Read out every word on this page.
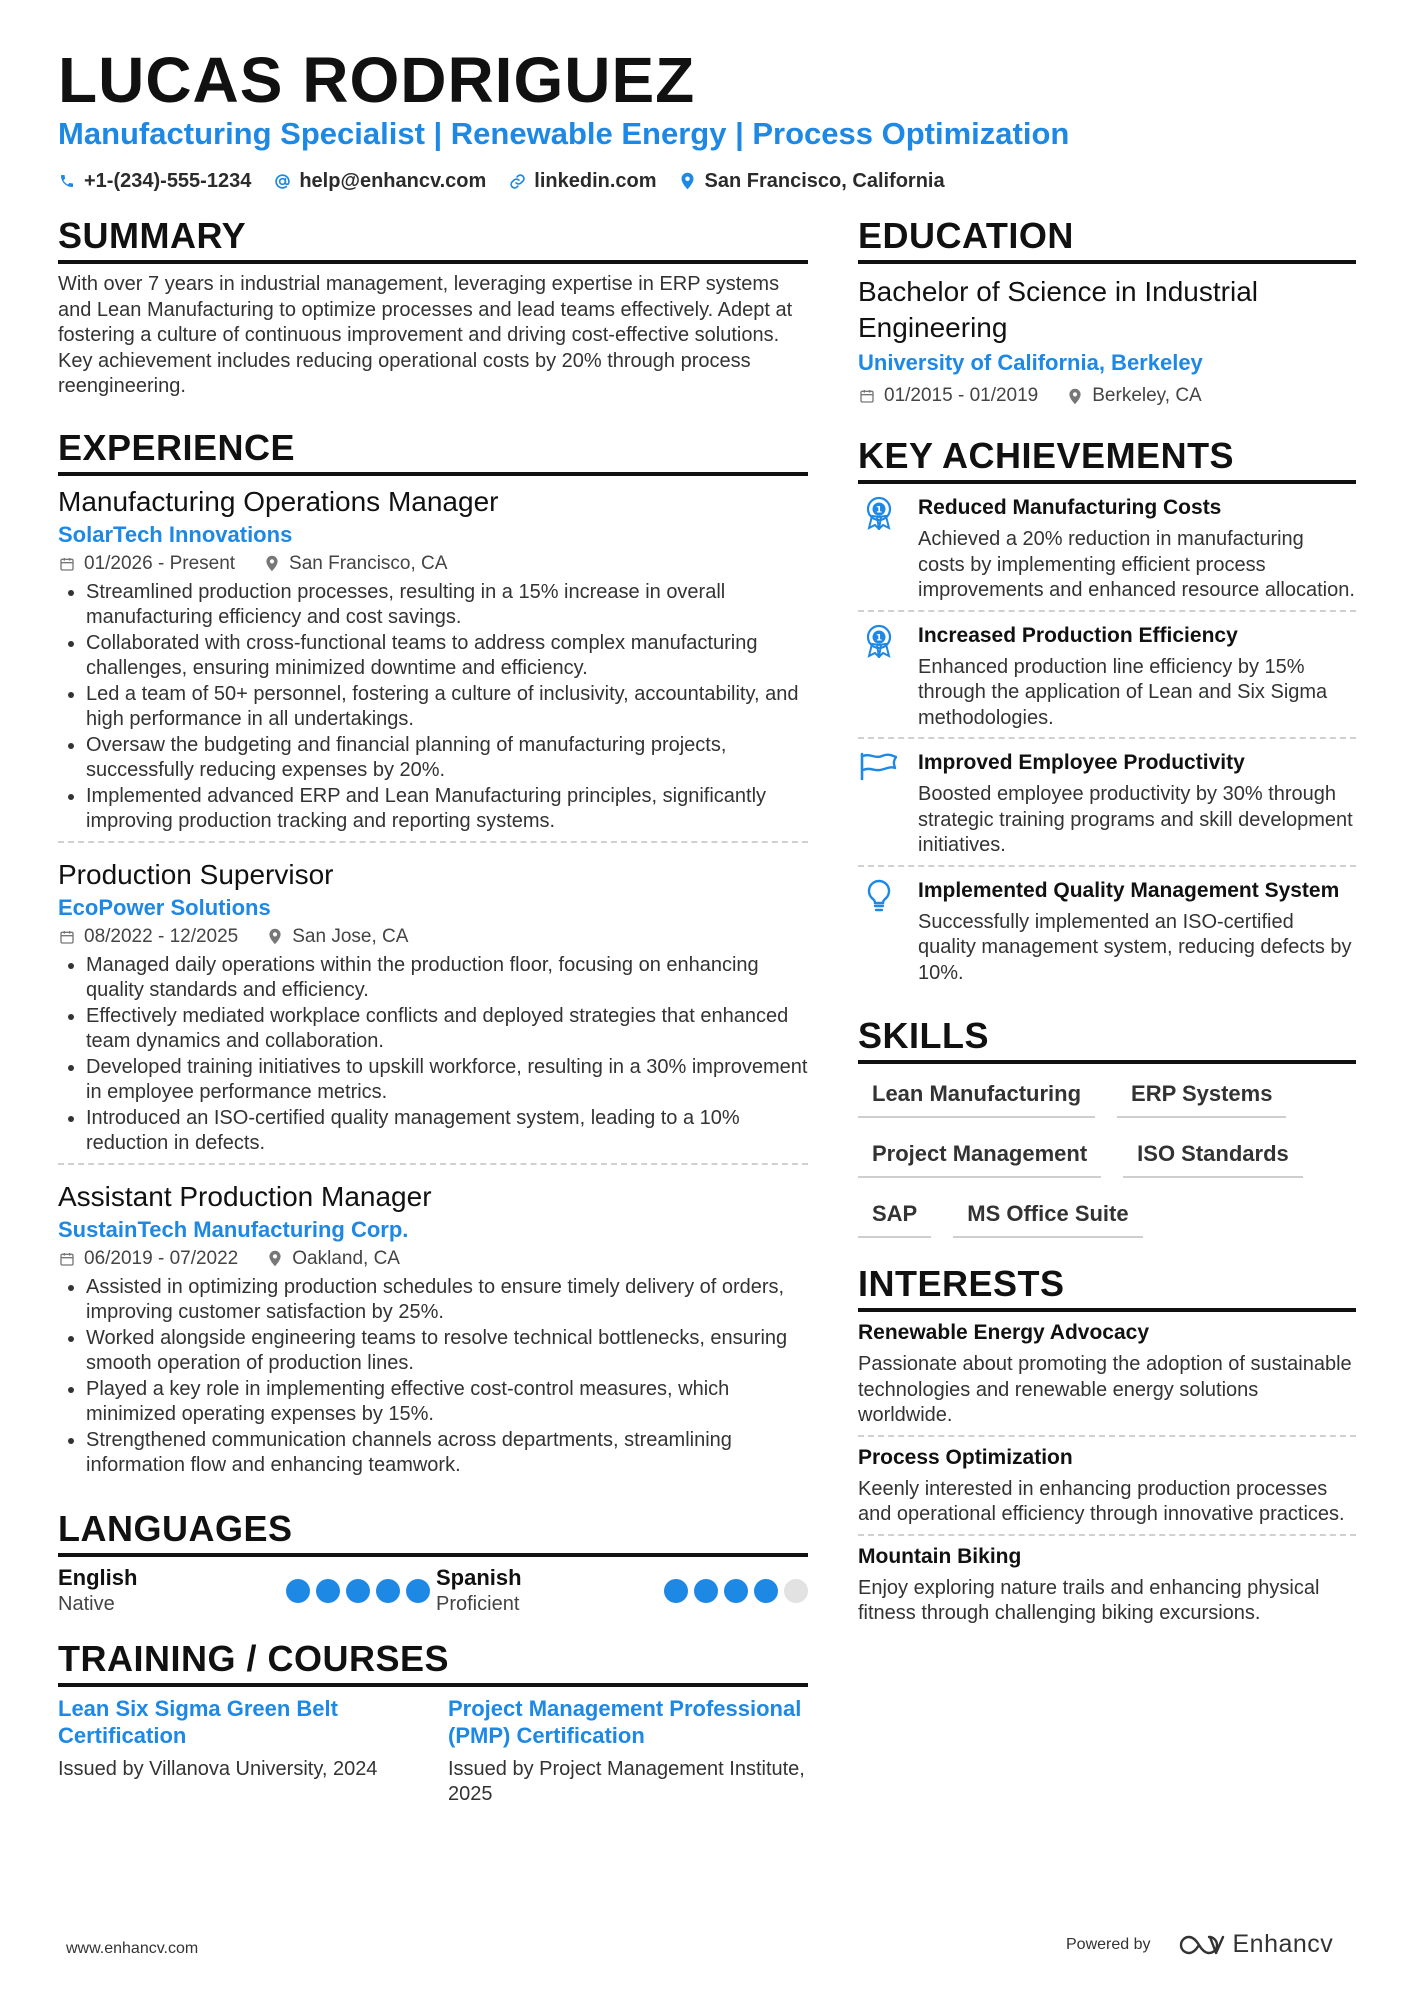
LUCAS RODRIGUEZ
Manufacturing Specialist | Renewable Energy | Process Optimization
+1-(234)-555-1234 help@enhancv.com linkedin.com San Francisco, California
SUMMARY

With over 7 years in industrial management, leveraging expertise in ERP systems and Lean Manufacturing to optimize processes and lead teams effectively. Adept at fostering a culture of continuous improvement and driving cost-effective solutions. Key achievement includes reducing operational costs by 20% through process reengineering.

EXPERIENCE
Manufacturing Operations Manager
SolarTech Innovations
01/2026 - Present	San Francisco, CA
• Streamlined production processes, resulting in a 15% increase in overall manufacturing efficiency and cost savings.
• Collaborated with cross-functional teams to address complex manufacturing challenges, ensuring minimized downtime and efficiency.
• Led a team of 50+ personnel, fostering a culture of inclusivity, accountability, and high performance in all undertakings.
• Oversaw the budgeting and financial planning of manufacturing projects, successfully reducing expenses by 20%.
• Implemented advanced ERP and Lean Manufacturing principles, significantly improving production tracking and reporting systems.
Production Supervisor
EcoPower Solutions
08/2022 - 12/2025	San Jose, CA
• Managed daily operations within the production floor, focusing on enhancing quality standards and efficiency.
• Effectively mediated workplace conflicts and deployed strategies that enhanced team dynamics and collaboration.
• Developed training initiatives to upskill workforce, resulting in a 30% improvement in employee performance metrics.
• Introduced an ISO-certified quality management system, leading to a 10% reduction in defects.
Assistant Production Manager
SustainTech Manufacturing Corp.
06/2019 - 07/2022	Oakland, CA
• Assisted in optimizing production schedules to ensure timely delivery of orders, improving customer satisfaction by 25%.
• Worked alongside engineering teams to resolve technical bottlenecks, ensuring smooth operation of production lines.
• Played a key role in implementing effective cost-control measures, which minimized operating expenses by 15%.
• Strengthened communication channels across departments, streamlining information flow and enhancing teamwork.
LANGUAGES
English
Native
Spanish
Proficient
TRAINING / COURSES
Lean Six Sigma Green Belt Certification
Issued by Villanova University, 2024
Project Management Professional (PMP) Certification
Issued by Project Management Institute, 2025
EDUCATION
Bachelor of Science in Industrial Engineering
University of California, Berkeley
01/2015 - 01/2019	Berkeley, CA
KEY ACHIEVEMENTS
1 Reduced Manufacturing Costs
Achieved a 20% reduction in manufacturing costs by implementing efficient process improvements and enhanced resource allocation.
1 Increased Production Efficiency
Enhanced production line efficiency by 15% through the application of Lean and Six Sigma methodologies.
Improved Employee Productivity
Boosted employee productivity by 30% through strategic training programs and skill development initiatives.
Implemented Quality Management System
Successfully implemented an ISO-certified quality management system, reducing defects by 10%.
SKILLS
Lean Manufacturing	ERP Systems
Project Management	ISO Standards
SAP	MS Office Suite
INTERESTS
Renewable Energy Advocacy
Passionate about promoting the adoption of sustainable technologies and renewable energy solutions worldwide.
Process Optimization
Keenly interested in enhancing production processes and operational efficiency through innovative practices.
Mountain Biking
Enjoy exploring nature trails and enhancing physical fitness through challenging biking excursions.
www.enhancv.com	Powered by	Enhancv
